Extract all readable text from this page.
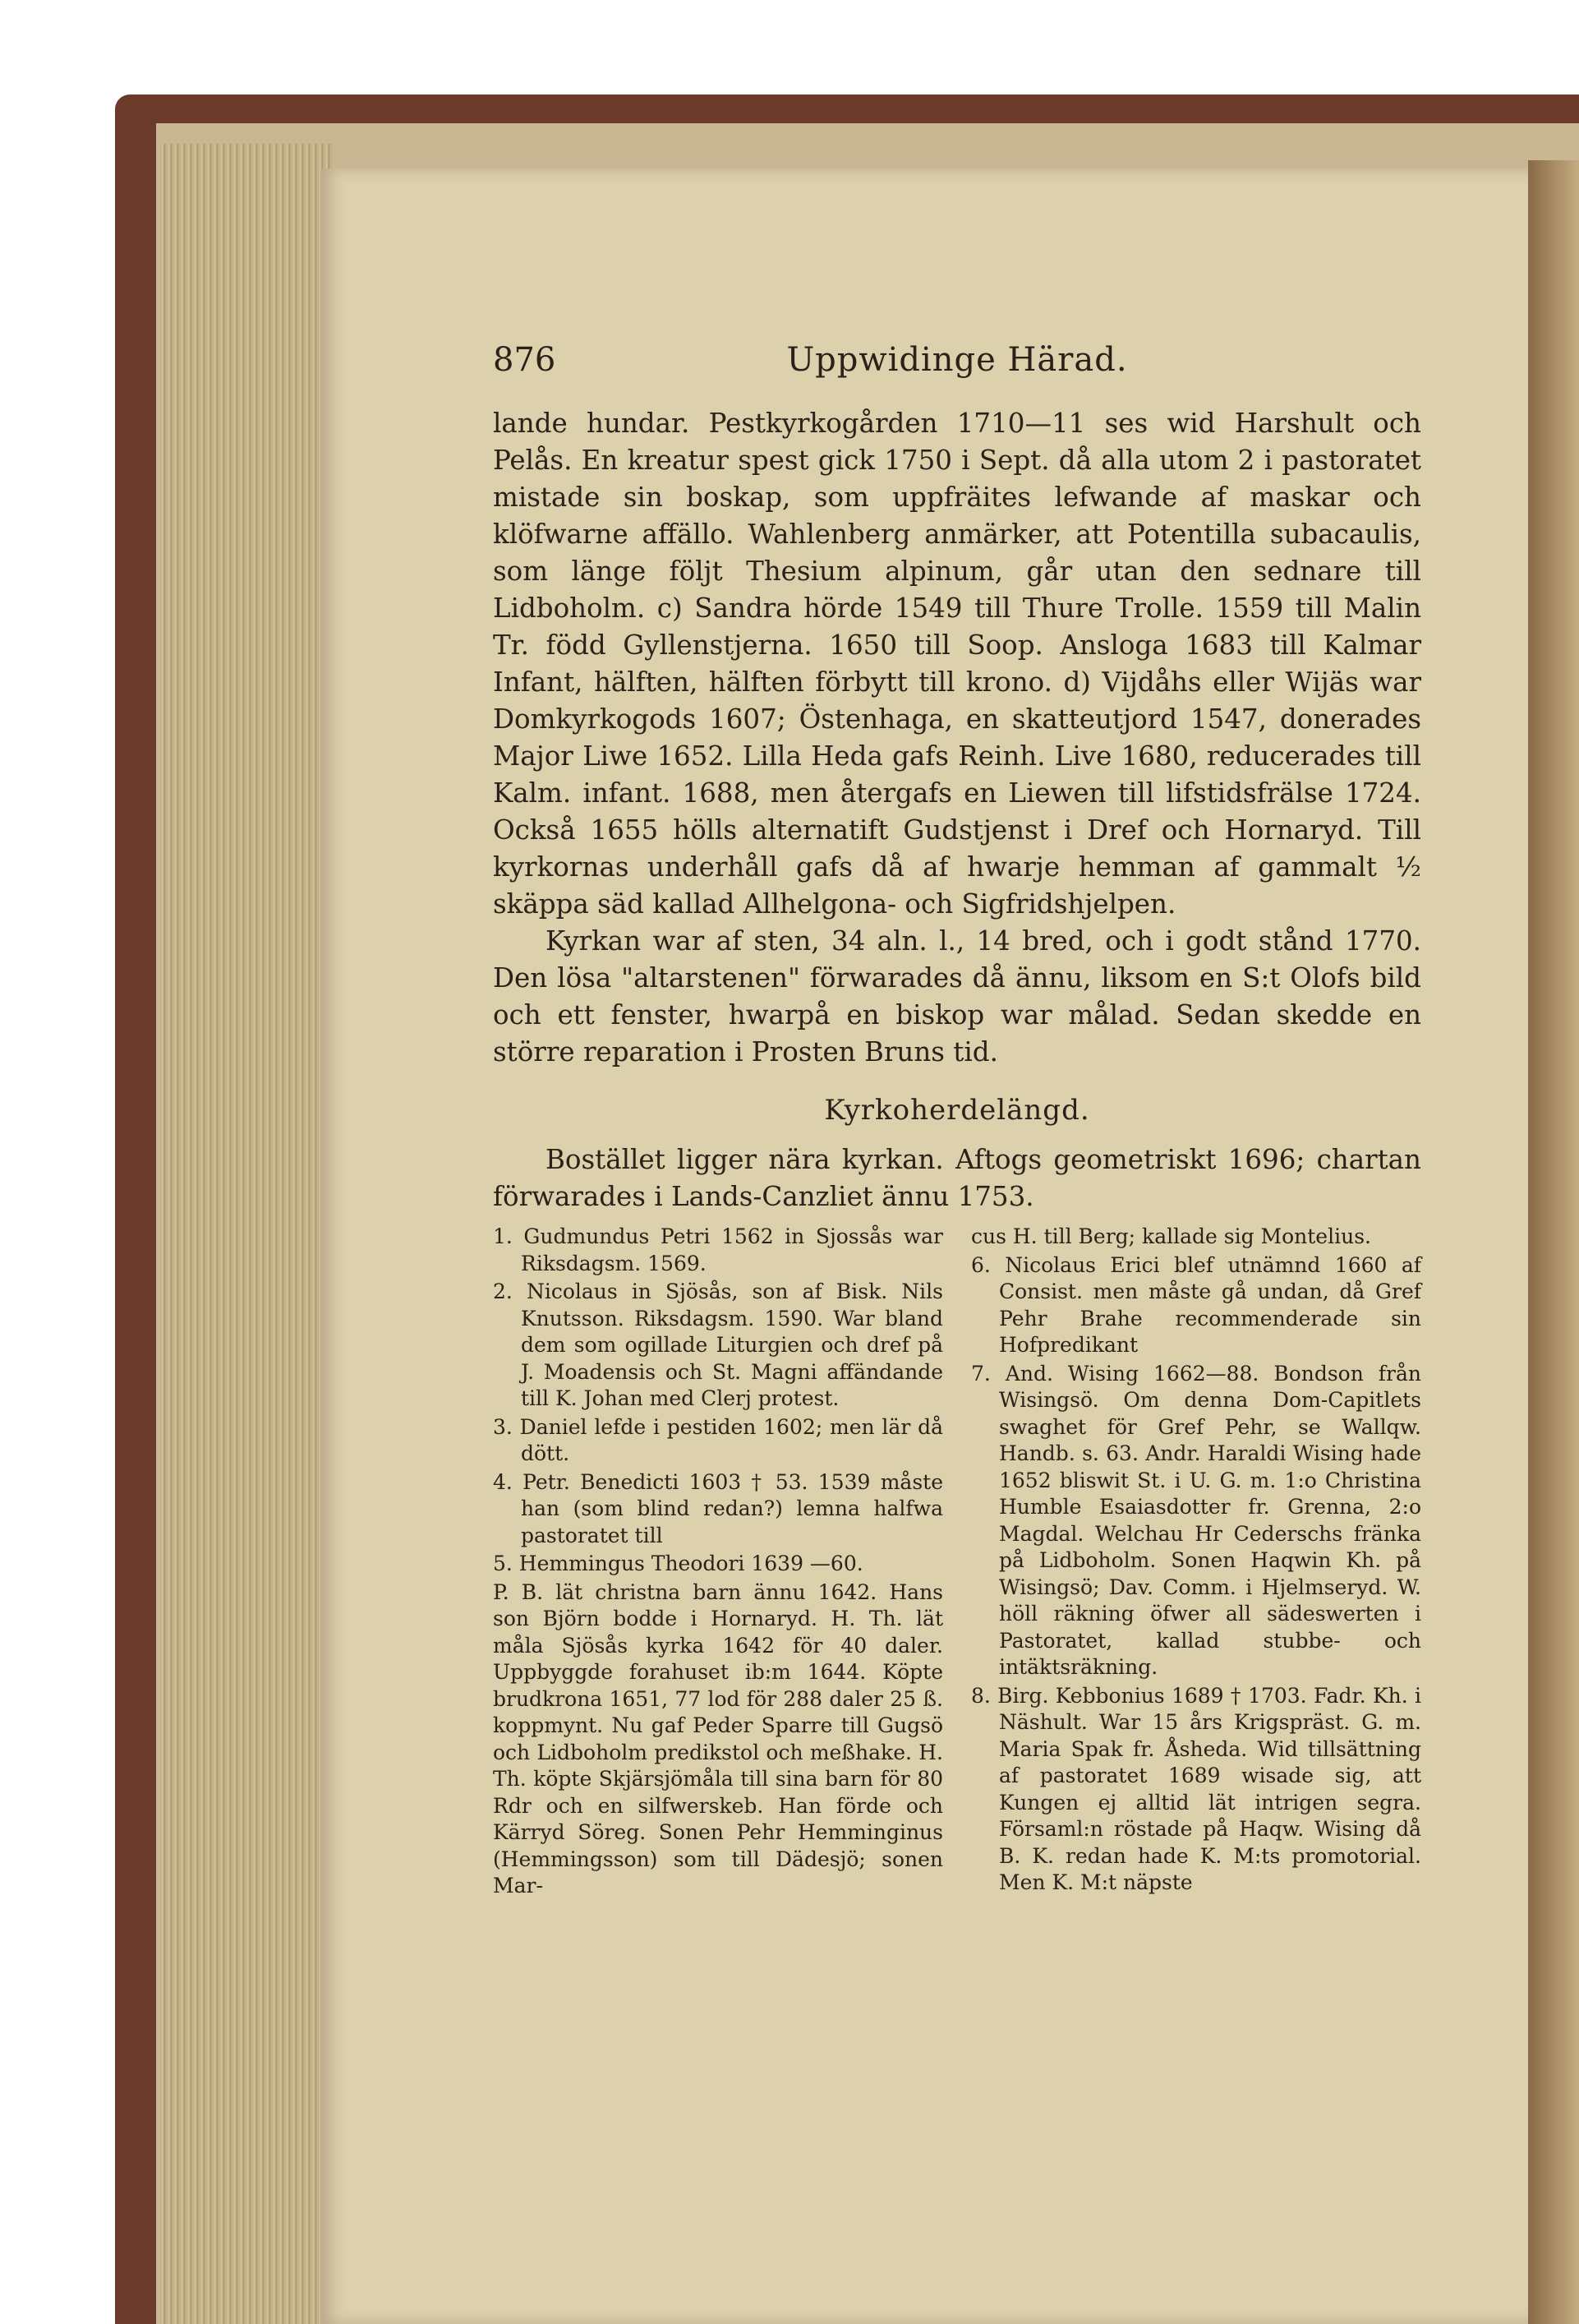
876	Uppwidinge Härad.

lande hundar. Pestkyrkogården 1710—11 ses wid Harshult och Pelås. En kreatur spest gick 1750 i Sept. då alla utom 2 i pastoratet mistade sin boskap, som uppfräites lefwande af maskar och klöfwarne affällo. Wahlenberg anmärker, att Potentilla subacaulis, som länge följt Thesium alpinum, går utan den sednare till Lidboholm. c) Sandra hörde 1549 till Thure Trolle. 1559 till Malin Tr. född Gyllenstjerna. 1650 till Soop. Ansloga 1683 till Kalmar Infant, hälften, hälften förbytt till krono. d) Vijdåhs eller Wijäs war Domkyrkogods 1607; Östenhaga, en skatteutjord 1547, donerades Major Liwe 1652. Lilla Heda gafs Reinh. Live 1680, reducerades till Kalm. infant. 1688, men återgafs en Liewen till lifstidsfrälse 1724. Också 1655 hölls alternatift Gudstjenst i Dref och Hornaryd. Till kyrkornas underhåll gafs då af hwarje hemman af gammalt ½ skäppa säd kallad Allhelgona- och Sigfridshjelpen.

Kyrkan war af sten, 34 aln. l., 14 bred, och i godt stånd 1770. Den lösa "altarstenen" förwarades då ännu, liksom en S:t Olofs bild och ett fenster, hwarpå en biskop war målad. Sedan skedde en större reparation i Prosten Bruns tid.

Kyrkoherdelängd.

Bostället ligger nära kyrkan. Aftogs geometriskt 1696; chartan förwarades i Lands-Canzliet ännu 1753.

1. Gudmundus Petri 1562 in Sjossås war Riksdagsm. 1569.

2. Nicolaus in Sjösås, son af Bisk. Nils Knutsson. Riksdagsm. 1590. War bland dem som ogillade Liturgien och dref på J. Moadensis och St. Magni affändande till K. Johan med Clerj protest.

3. Daniel lefde i pestiden 1602; men lär då dött.

4. Petr. Benedicti 1603 † 53. 1539 måste han (som blind redan?) lemna halfwa pastoratet till

5. Hemmingus Theodori 1639 —60.

P. B. lät christna barn ännu 1642. Hans son Björn bodde i Hornaryd. H. Th. lät måla Sjösås kyrka 1642 för 40 daler. Uppbyggde forahuset ib:m 1644. Köpte brudkrona 1651, 77 lod för 288 daler 25 ß. koppmynt. Nu gaf Peder Sparre till Gugsö och Lidboholm predikstol och meßhake. H. Th. köpte Skjärsjömåla till sina barn för 80 Rdr och en silfwerskeb. Han förde och Kärryd Söreg. Sonen Pehr Hemminginus (Hemmingsson) som till Dädesjö; sonen Mar-

cus H. till Berg; kallade sig Montelius.

6. Nicolaus Erici blef utnämnd 1660 af Consist. men måste gå undan, då Gref Pehr Brahe recommenderade sin Hofpredikant

7. And. Wising 1662—88. Bondson från Wisingsö. Om denna Dom-Capitlets swaghet för Gref Pehr, se Wallqw. Handb. s. 63. Andr. Haraldi Wising hade 1652 bliswit St. i U. G. m. 1:o Christina Humble Esaiasdotter fr. Grenna, 2:o Magdal. Welchau Hr Cederschs fränka på Lidboholm. Sonen Haqwin Kh. på Wisingsö; Dav. Comm. i Hjelmseryd. W. höll räkning öfwer all sädeswerten i Pastoratet, kallad stubbe- och intäktsräkning.

8. Birg. Kebbonius 1689 † 1703. Fadr. Kh. i Näshult. War 15 års Krigspräst. G. m. Maria Spak fr. Åsheda. Wid tillsättning af pastoratet 1689 wisade sig, att Kungen ej alltid lät intrigen segra. Församl:n röstade på Haqw. Wising då B. K. redan hade K. M:ts promotorial. Men K. M:t näpste
